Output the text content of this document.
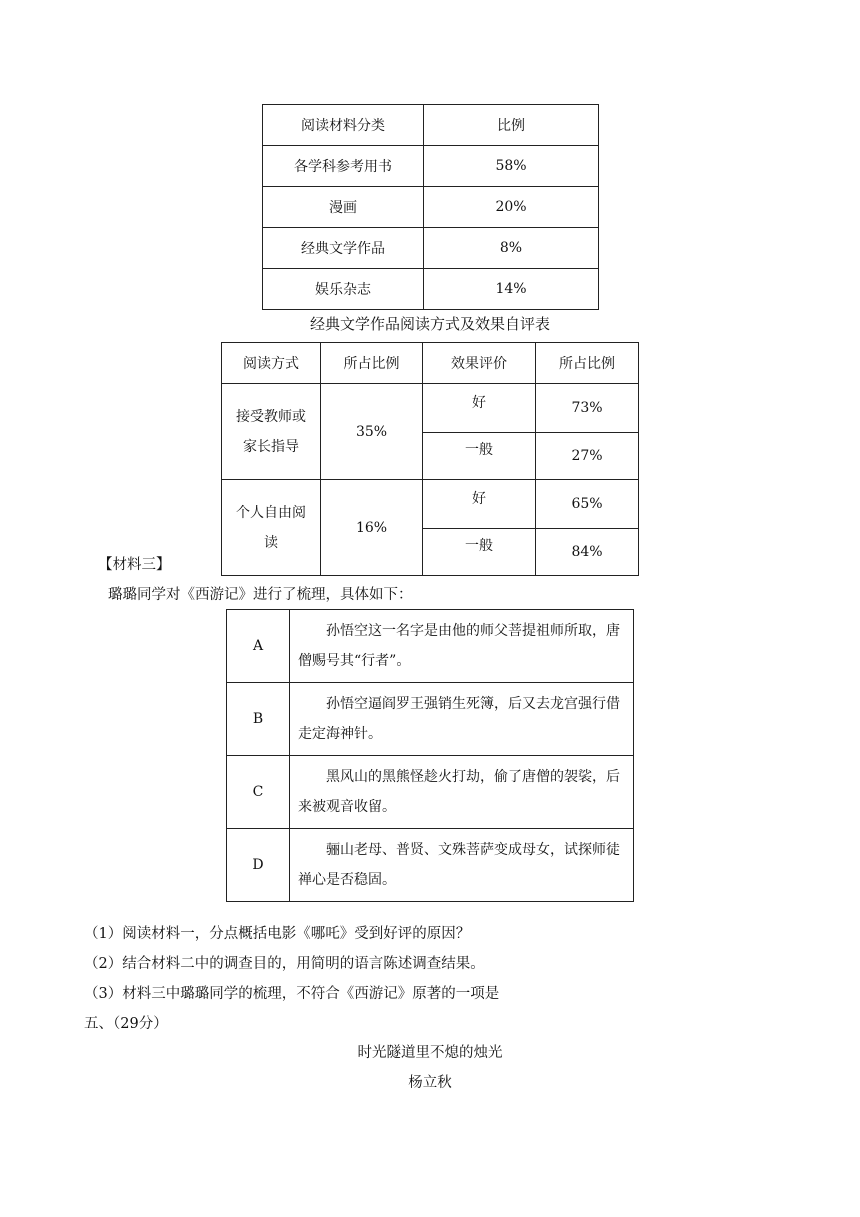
阅读材料分类	比例
各学科参考用书	58%
漫画	20%
经典文学作品	8%
娱乐杂志	14%
经典文学作品阅读方式及效果自评表
阅读方式	所占比例	效果评价	所占比例
接受教师或家长指导	35%	好	73%
		一般	27%
个人自由阅读	16%	好	65%
		一般	84%
【材料三】
璐璐同学对《西游记》进行了梳理，具体如下：
A	孙悟空这一名字是由他的师父菩提祖师所取，唐僧赐号其“行者”。
B	孙悟空逼阎罗王强销生死簿，后又去龙宫强行借走定海神针。
C	黑风山的黑熊怪趁火打劫，偷了唐僧的袈裟，后来被观音收留。
D	骊山老母、普贤、文殊菩萨变成母女，试探师徒禅心是否稳固。
（1）阅读材料一，分点概括电影《哪吒》受到好评的原因？
（2）结合材料二中的调查目的，用简明的语言陈述调查结果。
（3）材料三中璐璐同学的梳理，不符合《西游记》原著的一项是
五、（29分）
时光隧道里不熄的烛光
杨立秋
